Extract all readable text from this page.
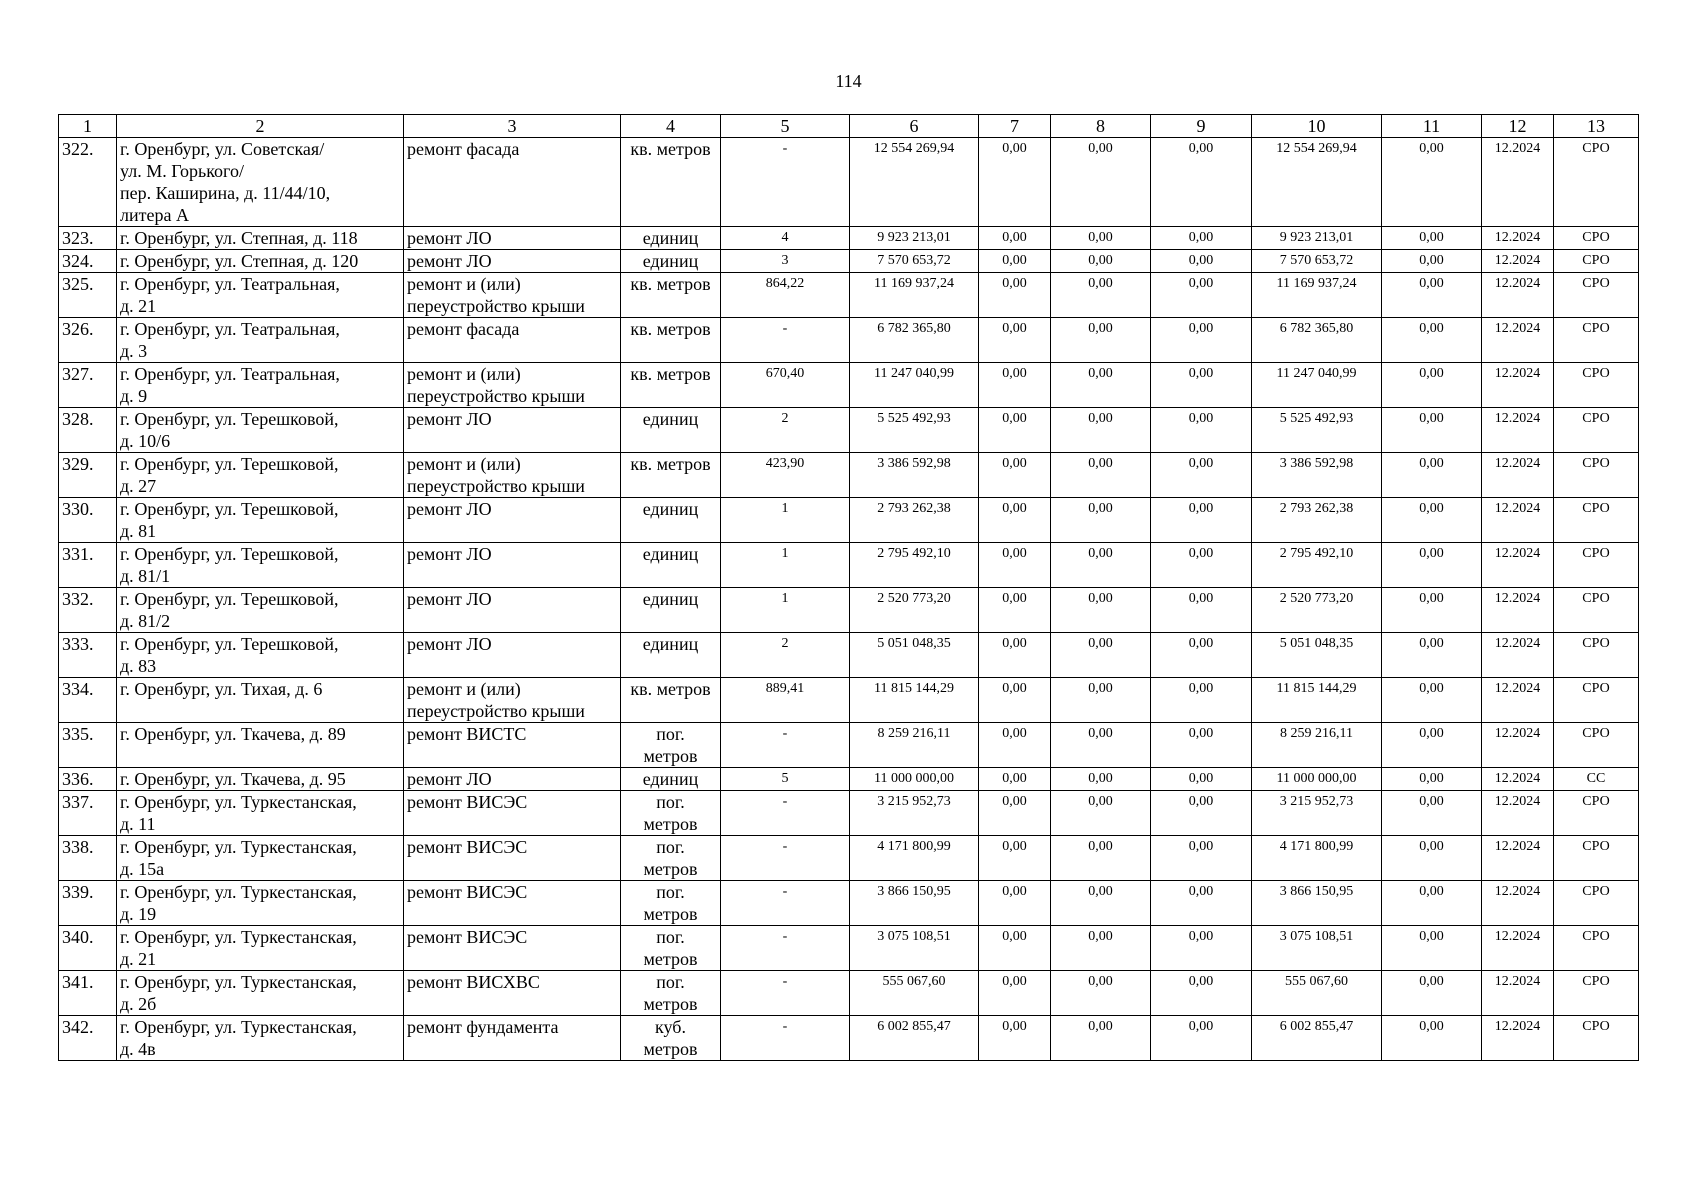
114
1	2	3	4	5	6	7	8	9	10	11	12	13
322.	г. Оренбург, ул. Советская/
ул. М. Горького/
пер. Каширина, д. 11/44/10,
литера А	ремонт фасада	кв. метров	-	12 554 269,94	0,00	0,00	0,00	12 554 269,94	0,00	12.2024	СРО
323.	г. Оренбург, ул. Степная, д. 118	ремонт ЛО	единиц	4	9 923 213,01	0,00	0,00	0,00	9 923 213,01	0,00	12.2024	СРО
324.	г. Оренбург, ул. Степная, д. 120	ремонт ЛО	единиц	3	7 570 653,72	0,00	0,00	0,00	7 570 653,72	0,00	12.2024	СРО
325.	г. Оренбург, ул. Театральная,
д. 21	ремонт и (или)
переустройство крыши	кв. метров	864,22	11 169 937,24	0,00	0,00	0,00	11 169 937,24	0,00	12.2024	СРО
326.	г. Оренбург, ул. Театральная,
д. 3	ремонт фасада	кв. метров	-	6 782 365,80	0,00	0,00	0,00	6 782 365,80	0,00	12.2024	СРО
327.	г. Оренбург, ул. Театральная,
д. 9	ремонт и (или)
переустройство крыши	кв. метров	670,40	11 247 040,99	0,00	0,00	0,00	11 247 040,99	0,00	12.2024	СРО
328.	г. Оренбург, ул. Терешковой,
д. 10/6	ремонт ЛО	единиц	2	5 525 492,93	0,00	0,00	0,00	5 525 492,93	0,00	12.2024	СРО
329.	г. Оренбург, ул. Терешковой,
д. 27	ремонт и (или)
переустройство крыши	кв. метров	423,90	3 386 592,98	0,00	0,00	0,00	3 386 592,98	0,00	12.2024	СРО
330.	г. Оренбург, ул. Терешковой,
д. 81	ремонт ЛО	единиц	1	2 793 262,38	0,00	0,00	0,00	2 793 262,38	0,00	12.2024	СРО
331.	г. Оренбург, ул. Терешковой,
д. 81/1	ремонт ЛО	единиц	1	2 795 492,10	0,00	0,00	0,00	2 795 492,10	0,00	12.2024	СРО
332.	г. Оренбург, ул. Терешковой,
д. 81/2	ремонт ЛО	единиц	1	2 520 773,20	0,00	0,00	0,00	2 520 773,20	0,00	12.2024	СРО
333.	г. Оренбург, ул. Терешковой,
д. 83	ремонт ЛО	единиц	2	5 051 048,35	0,00	0,00	0,00	5 051 048,35	0,00	12.2024	СРО
334.	г. Оренбург, ул. Тихая, д. 6	ремонт и (или)
переустройство крыши	кв. метров	889,41	11 815 144,29	0,00	0,00	0,00	11 815 144,29	0,00	12.2024	СРО
335.	г. Оренбург, ул. Ткачева, д. 89	ремонт ВИСТС	пог.
метров	-	8 259 216,11	0,00	0,00	0,00	8 259 216,11	0,00	12.2024	СРО
336.	г. Оренбург, ул. Ткачева, д. 95	ремонт ЛО	единиц	5	11 000 000,00	0,00	0,00	0,00	11 000 000,00	0,00	12.2024	СС
337.	г. Оренбург, ул. Туркестанская,
д. 11	ремонт ВИСЭС	пог.
метров	-	3 215 952,73	0,00	0,00	0,00	3 215 952,73	0,00	12.2024	СРО
338.	г. Оренбург, ул. Туркестанская,
д. 15а	ремонт ВИСЭС	пог.
метров	-	4 171 800,99	0,00	0,00	0,00	4 171 800,99	0,00	12.2024	СРО
339.	г. Оренбург, ул. Туркестанская,
д. 19	ремонт ВИСЭС	пог.
метров	-	3 866 150,95	0,00	0,00	0,00	3 866 150,95	0,00	12.2024	СРО
340.	г. Оренбург, ул. Туркестанская,
д. 21	ремонт ВИСЭС	пог.
метров	-	3 075 108,51	0,00	0,00	0,00	3 075 108,51	0,00	12.2024	СРО
341.	г. Оренбург, ул. Туркестанская,
д. 2б	ремонт ВИСХВС	пог.
метров	-	555 067,60	0,00	0,00	0,00	555 067,60	0,00	12.2024	СРО
342.	г. Оренбург, ул. Туркестанская,
д. 4в	ремонт фундамента	куб.
метров	-	6 002 855,47	0,00	0,00	0,00	6 002 855,47	0,00	12.2024	СРО
